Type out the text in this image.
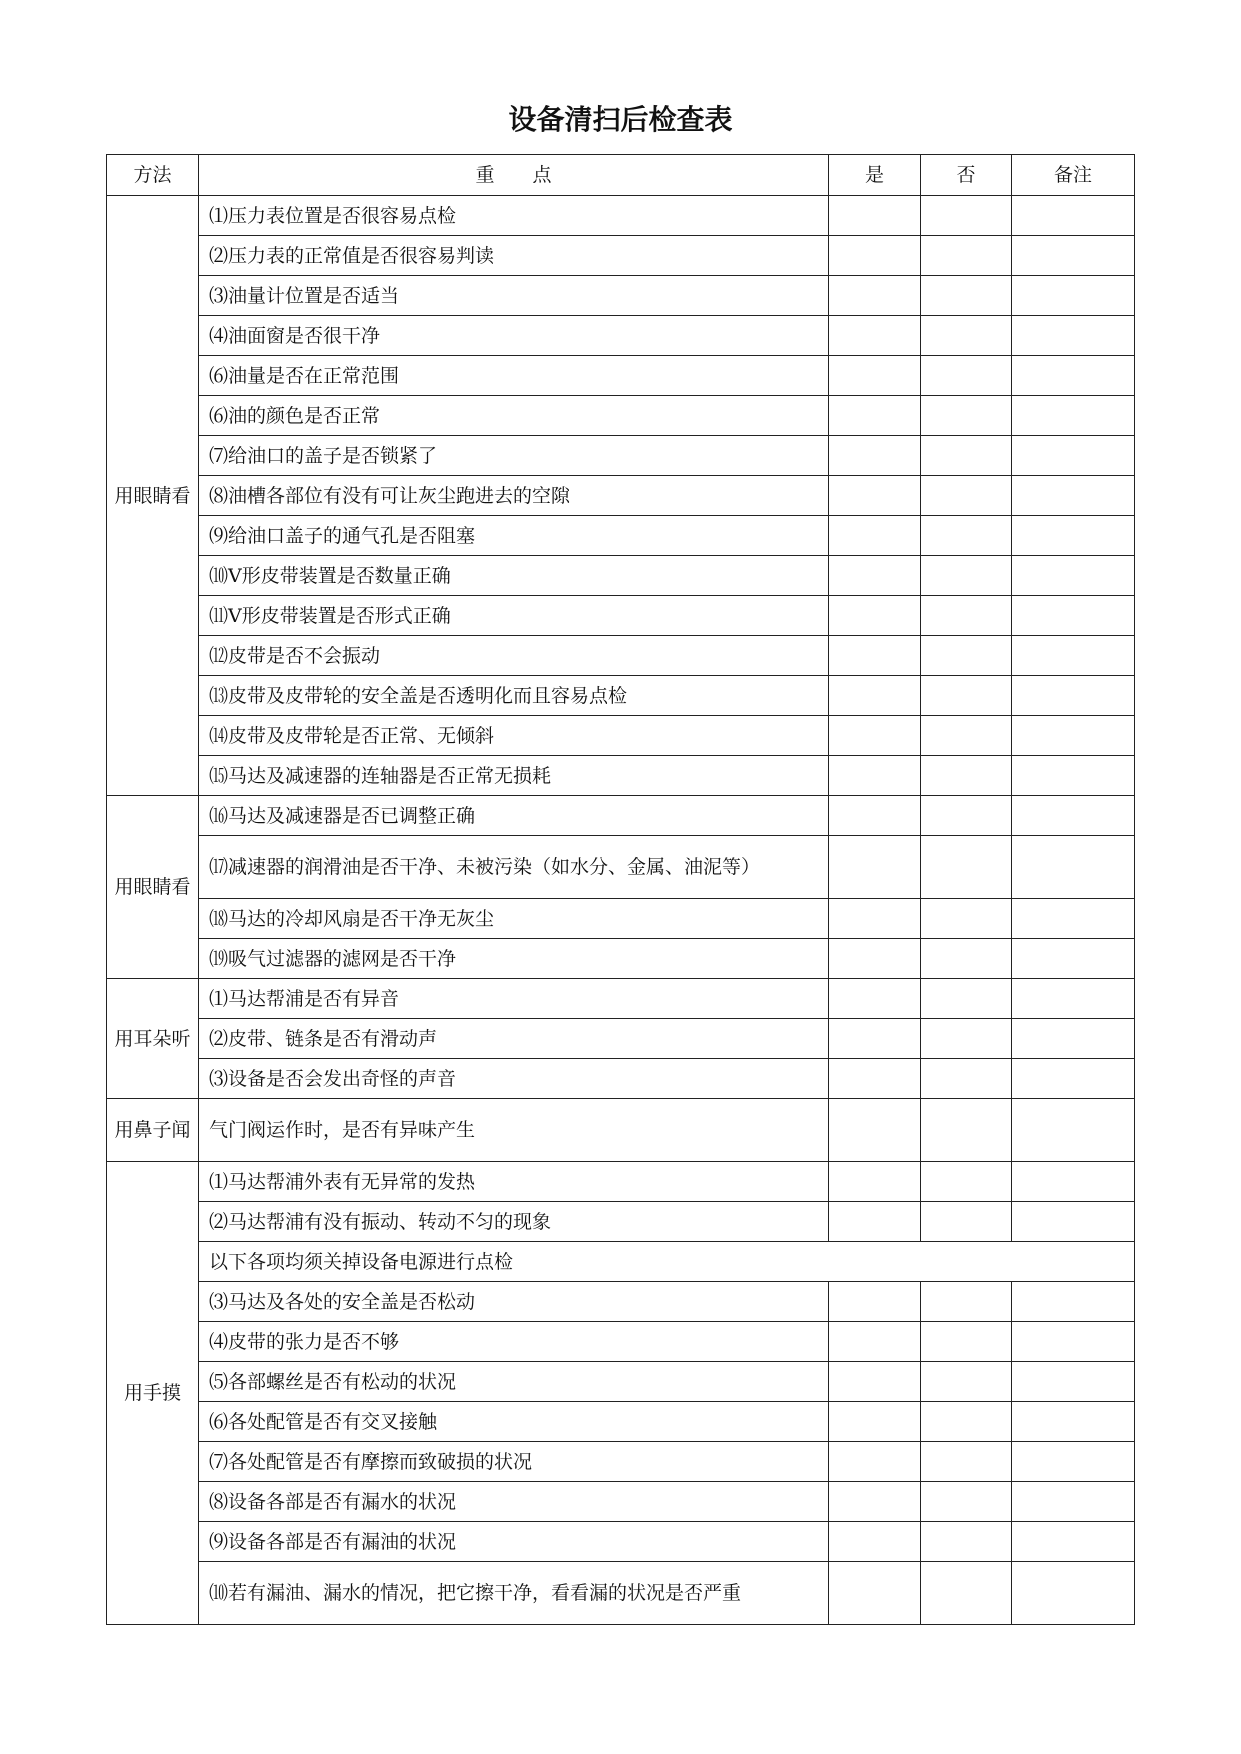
设备清扫后检查表
方法	重　　点	是	否	备注
用眼睛看	⑴压力表位置是否很容易点检			
	⑵压力表的正常值是否很容易判读			
	⑶油量计位置是否适当			
	⑷油面窗是否很干净			
	⑹油量是否在正常范围			
	⑹油的颜色是否正常			
	⑺给油口的盖子是否锁紧了			
	⑻油槽各部位有没有可让灰尘跑进去的空隙			
	⑼给油口盖子的通气孔是否阻塞			
	⑽V形皮带装置是否数量正确			
	⑾V形皮带装置是否形式正确			
	⑿皮带是否不会振动			
	⒀皮带及皮带轮的安全盖是否透明化而且容易点检			
	⒁皮带及皮带轮是否正常、无倾斜			
	⒂马达及减速器的连轴器是否正常无损耗			
用眼睛看	⒃马达及减速器是否已调整正确			
	⒄减速器的润滑油是否干净、未被污染（如水分、金属、油泥等）			
	⒅马达的冷却风扇是否干净无灰尘			
	⒆吸气过滤器的滤网是否干净			
用耳朵听	⑴马达帮浦是否有异音			
	⑵皮带、链条是否有滑动声			
	⑶设备是否会发出奇怪的声音			
用鼻子闻	气门阀运作时，是否有异味产生			
用手摸	⑴马达帮浦外表有无异常的发热			
	⑵马达帮浦有没有振动、转动不匀的现象			
	以下各项均须关掉设备电源进行点检			
	⑶马达及各处的安全盖是否松动			
	⑷皮带的张力是否不够			
	⑸各部螺丝是否有松动的状况			
	⑹各处配管是否有交叉接触			
	⑺各处配管是否有摩擦而致破损的状况			
	⑻设备各部是否有漏水的状况			
	⑼设备各部是否有漏油的状况			
	⑽若有漏油、漏水的情况，把它擦干净，看看漏的状况是否严重			
